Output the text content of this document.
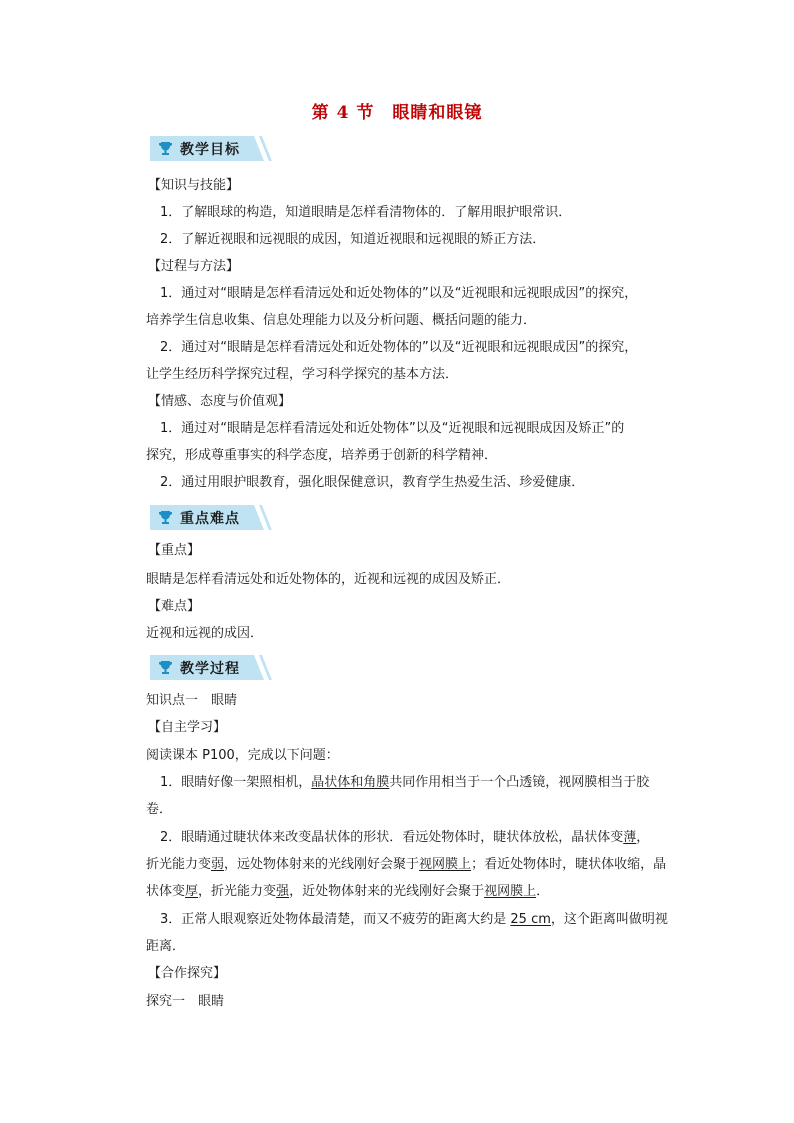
第 4 节　眼睛和眼镜
教学目标
【知识与技能】
1．了解眼球的构造，知道眼睛是怎样看清物体的．了解用眼护眼常识．
2．了解近视眼和远视眼的成因，知道近视眼和远视眼的矫正方法．
【过程与方法】
1．通过对“眼睛是怎样看清远处和近处物体的”以及“近视眼和远视眼成因”的探究，
培养学生信息收集、信息处理能力以及分析问题、概括问题的能力．
2．通过对“眼睛是怎样看清远处和近处物体的”以及“近视眼和远视眼成因”的探究，
让学生经历科学探究过程，学习科学探究的基本方法．
【情感、态度与价值观】
1．通过对“眼睛是怎样看清远处和近处物体”以及“近视眼和远视眼成因及矫正”的
探究，形成尊重事实的科学态度，培养勇于创新的科学精神．
2．通过用眼护眼教育，强化眼保健意识，教育学生热爱生活、珍爱健康．
重点难点
【重点】
眼睛是怎样看清远处和近处物体的，近视和远视的成因及矫正．
【难点】
近视和远视的成因．
教学过程
知识点一　眼睛
【自主学习】
阅读课本 P100，完成以下问题：
1．眼睛好像一架照相机，晶状体和角膜共同作用相当于一个凸透镜，视网膜相当于胶
卷．
2．眼睛通过睫状体来改变晶状体的形状．看远处物体时，睫状体放松，晶状体变薄，
折光能力变弱，远处物体射来的光线刚好会聚于视网膜上；看近处物体时，睫状体收缩，晶
状体变厚，折光能力变强，近处物体射来的光线刚好会聚于视网膜上．
3．正常人眼观察近处物体最清楚，而又不疲劳的距离大约是 25 cm，这个距离叫做明视
距离．
【合作探究】
探究一　眼睛
